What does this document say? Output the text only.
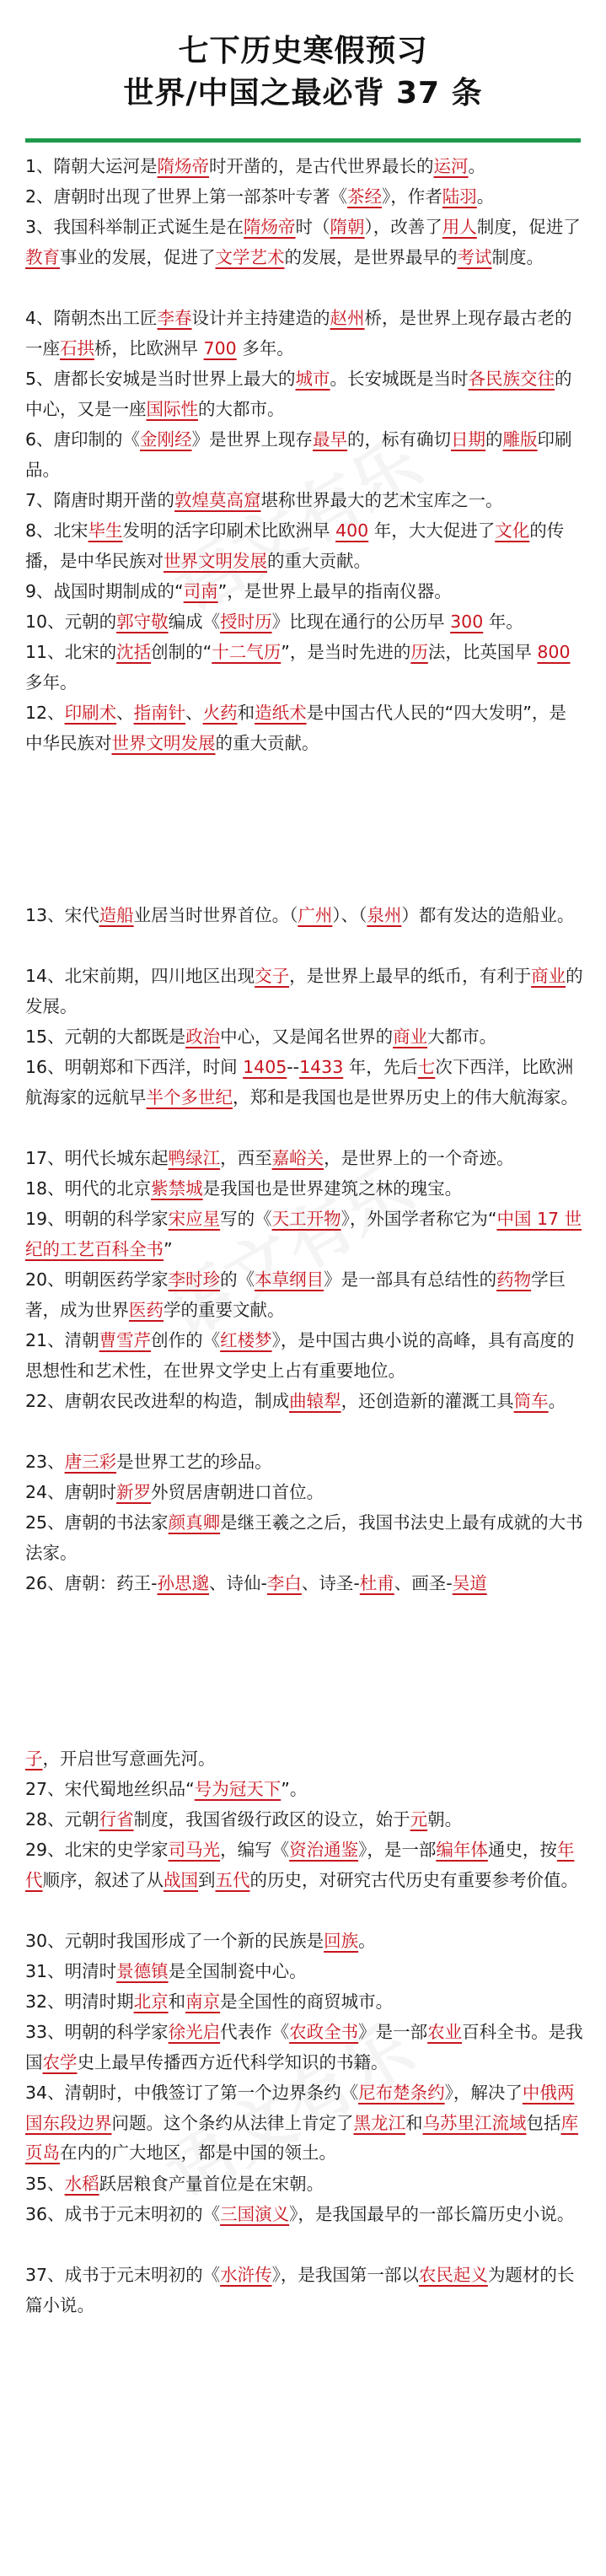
七下历史寒假预习
世界/中国之最必背 37 条
1、隋朝大运河是隋炀帝时开凿的，是古代世界最长的运河。
2、唐朝时出现了世界上第一部茶叶专著《茶经》，作者陆羽。
3、我国科举制正式诞生是在隋炀帝时（隋朝），改善了用人制度，促进了教育事业的发展，促进了文学艺术的发展，是世界最早的考试制度。
4、隋朝杰出工匠李春设计并主持建造的赵州桥，是世界上现存最古老的一座石拱桥，比欧洲早 700 多年。
5、唐都长安城是当时世界上最大的城市。长安城既是当时各民族交往的中心，又是一座国际性的大都市。
6、唐印制的《金刚经》是世界上现存最早的，标有确切日期的雕版印刷品。
7、隋唐时期开凿的敦煌莫高窟堪称世界最大的艺术宝库之一。
8、北宋毕生发明的活字印刷术比欧洲早 400 年，大大促进了文化的传播，是中华民族对世界文明发展的重大贡献。
9、战国时期制成的“司南”，是世界上最早的指南仪器。
10、元朝的郭守敬编成《授时历》比现在通行的公历早 300 年。
11、北宋的沈括创制的“十二气历”，是当时先进的历法，比英国早 800 多年。
12、印刷术、指南针、火药和造纸术是中国古代人民的“四大发明”，是中华民族对世界文明发展的重大贡献。
13、宋代造船业居当时世界首位。（广州）、（泉州）都有发达的造船业。
14、北宋前期，四川地区出现交子，是世界上最早的纸币，有利于商业的发展。
15、元朝的大都既是政治中心，又是闻名世界的商业大都市。
16、明朝郑和下西洋，时间 1405--1433 年，先后七次下西洋，比欧洲航海家的远航早半个多世纪，郑和是我国也是世界历史上的伟大航海家。
17、明代长城东起鸭绿江，西至嘉峪关，是世界上的一个奇迹。
18、明代的北京紫禁城是我国也是世界建筑之林的瑰宝。
19、明朝的科学家宋应星写的《天工开物》，外国学者称它为“中国 17 世纪的工艺百科全书”
20、明朝医药学家李时珍的《本草纲目》是一部具有总结性的药物学巨著，成为世界医药学的重要文献。
21、清朝曹雪芹创作的《红楼梦》，是中国古典小说的高峰，具有高度的思想性和艺术性，在世界文学史上占有重要地位。
22、唐朝农民改进犁的构造，制成曲辕犁，还创造新的灌溉工具筒车。
23、唐三彩是世界工艺的珍品。
24、唐朝时新罗外贸居唐朝进口首位。
25、唐朝的书法家颜真卿是继王羲之之后，我国书法史上最有成就的大书法家。
26、唐朝：药王-孙思邈、诗仙-李白、诗圣-杜甫、画圣-吴道
子，开启世写意画先河。
27、宋代蜀地丝织品“号为冠天下”。
28、元朝行省制度，我国省级行政区的设立，始于元朝。
29、北宋的史学家司马光，编写《资治通鉴》，是一部编年体通史，按年代顺序，叙述了从战国到五代的历史，对研究古代历史有重要参考价值。
30、元朝时我国形成了一个新的民族是回族。
31、明清时景德镇是全国制瓷中心。
32、明清时期北京和南京是全国性的商贸城市。
33、明朝的科学家徐光启代表作《农政全书》是一部农业百科全书。是我国农学史上最早传播西方近代科学知识的书籍。
34、清朝时，中俄签订了第一个边界条约《尼布楚条约》，解决了中俄两国东段边界问题。这个条约从法律上肯定了黑龙江和乌苏里江流域包括库页岛在内的广大地区，都是中国的领土。
35、水稻跃居粮食产量首位是在宋朝。
36、成书于元末明初的《三国演义》，是我国最早的一部长篇历史小说。
37、成书于元末明初的《水浒传》，是我国第一部以农民起义为题材的长篇小说。
